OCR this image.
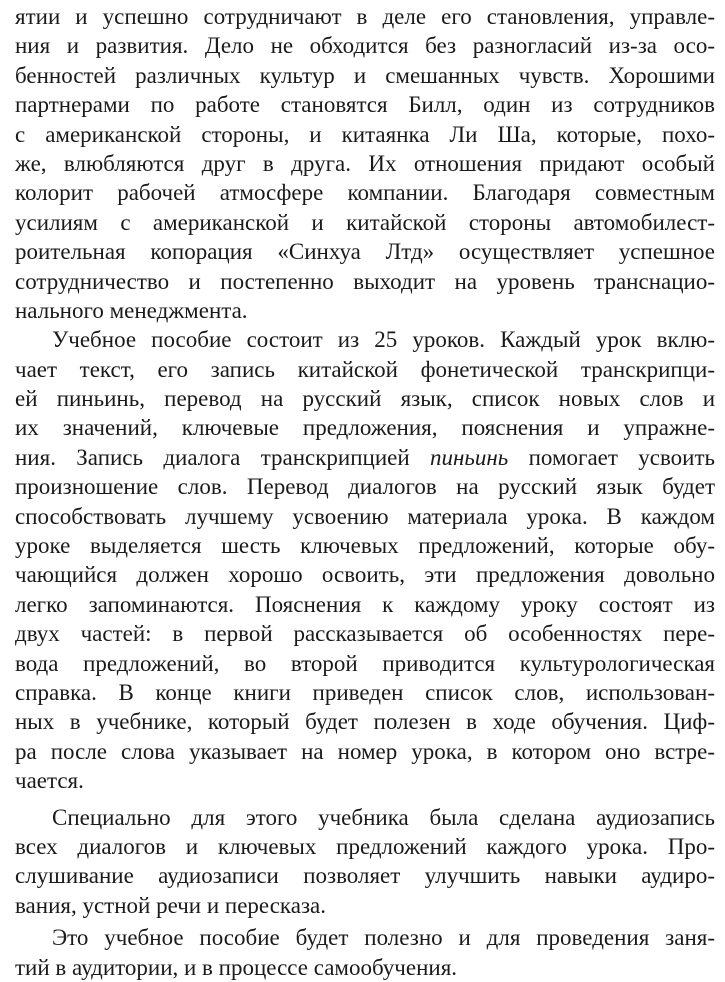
ятии и успешно сотрудничают в деле его становления, управле-
ния и развития. Дело не обходится без разногласий из-за осо-
бенностей различных культур и смешанных чувств. Хорошими
партнерами по работе становятся Билл, один из сотрудников
с американской стороны, и китаянка Ли Ша, которые, похо-
же, влюбляются друг в друга. Их отношения придают особый
колорит рабочей атмосфере компании. Благодаря совместным
усилиям с американской и китайской стороны автомобилест-
роительная копорация «Синхуа Лтд» осуществляет успешное
сотрудничество и постепенно выходит на уровень транснацио-
нального менеджмента.
Учебное пособие состоит из 25 уроков. Каждый урок вклю-
чает текст, его запись китайской фонетической транскрипци-
ей пиньинь, перевод на русский язык, список новых слов и
их значений, ключевые предложения, пояснения и упражне-
ния. Запись диалога транскрипцией пиньинь помогает усвоить
произношение слов. Перевод диалогов на русский язык будет
способствовать лучшему усвоению материала урока. В каждом
уроке выделяется шесть ключевых предложений, которые обу-
чающийся должен хорошо освоить, эти предложения довольно
легко запоминаются. Пояснения к каждому уроку состоят из
двух частей: в первой рассказывается об особенностях пере-
вода предложений, во второй приводится культурологическая
справка. В конце книги приведен список слов, использован-
ных в учебнике, который будет полезен в ходе обучения. Циф-
ра после слова указывает на номер урока, в котором оно встре-
чается.
Специально для этого учебника была сделана аудиозапись
всех диалогов и ключевых предложений каждого урока. Про-
слушивание аудиозаписи позволяет улучшить навыки аудиро-
вания, устной речи и пересказа.
Это учебное пособие будет полезно и для проведения заня-
тий в аудитории, и в процессе самообучения.
